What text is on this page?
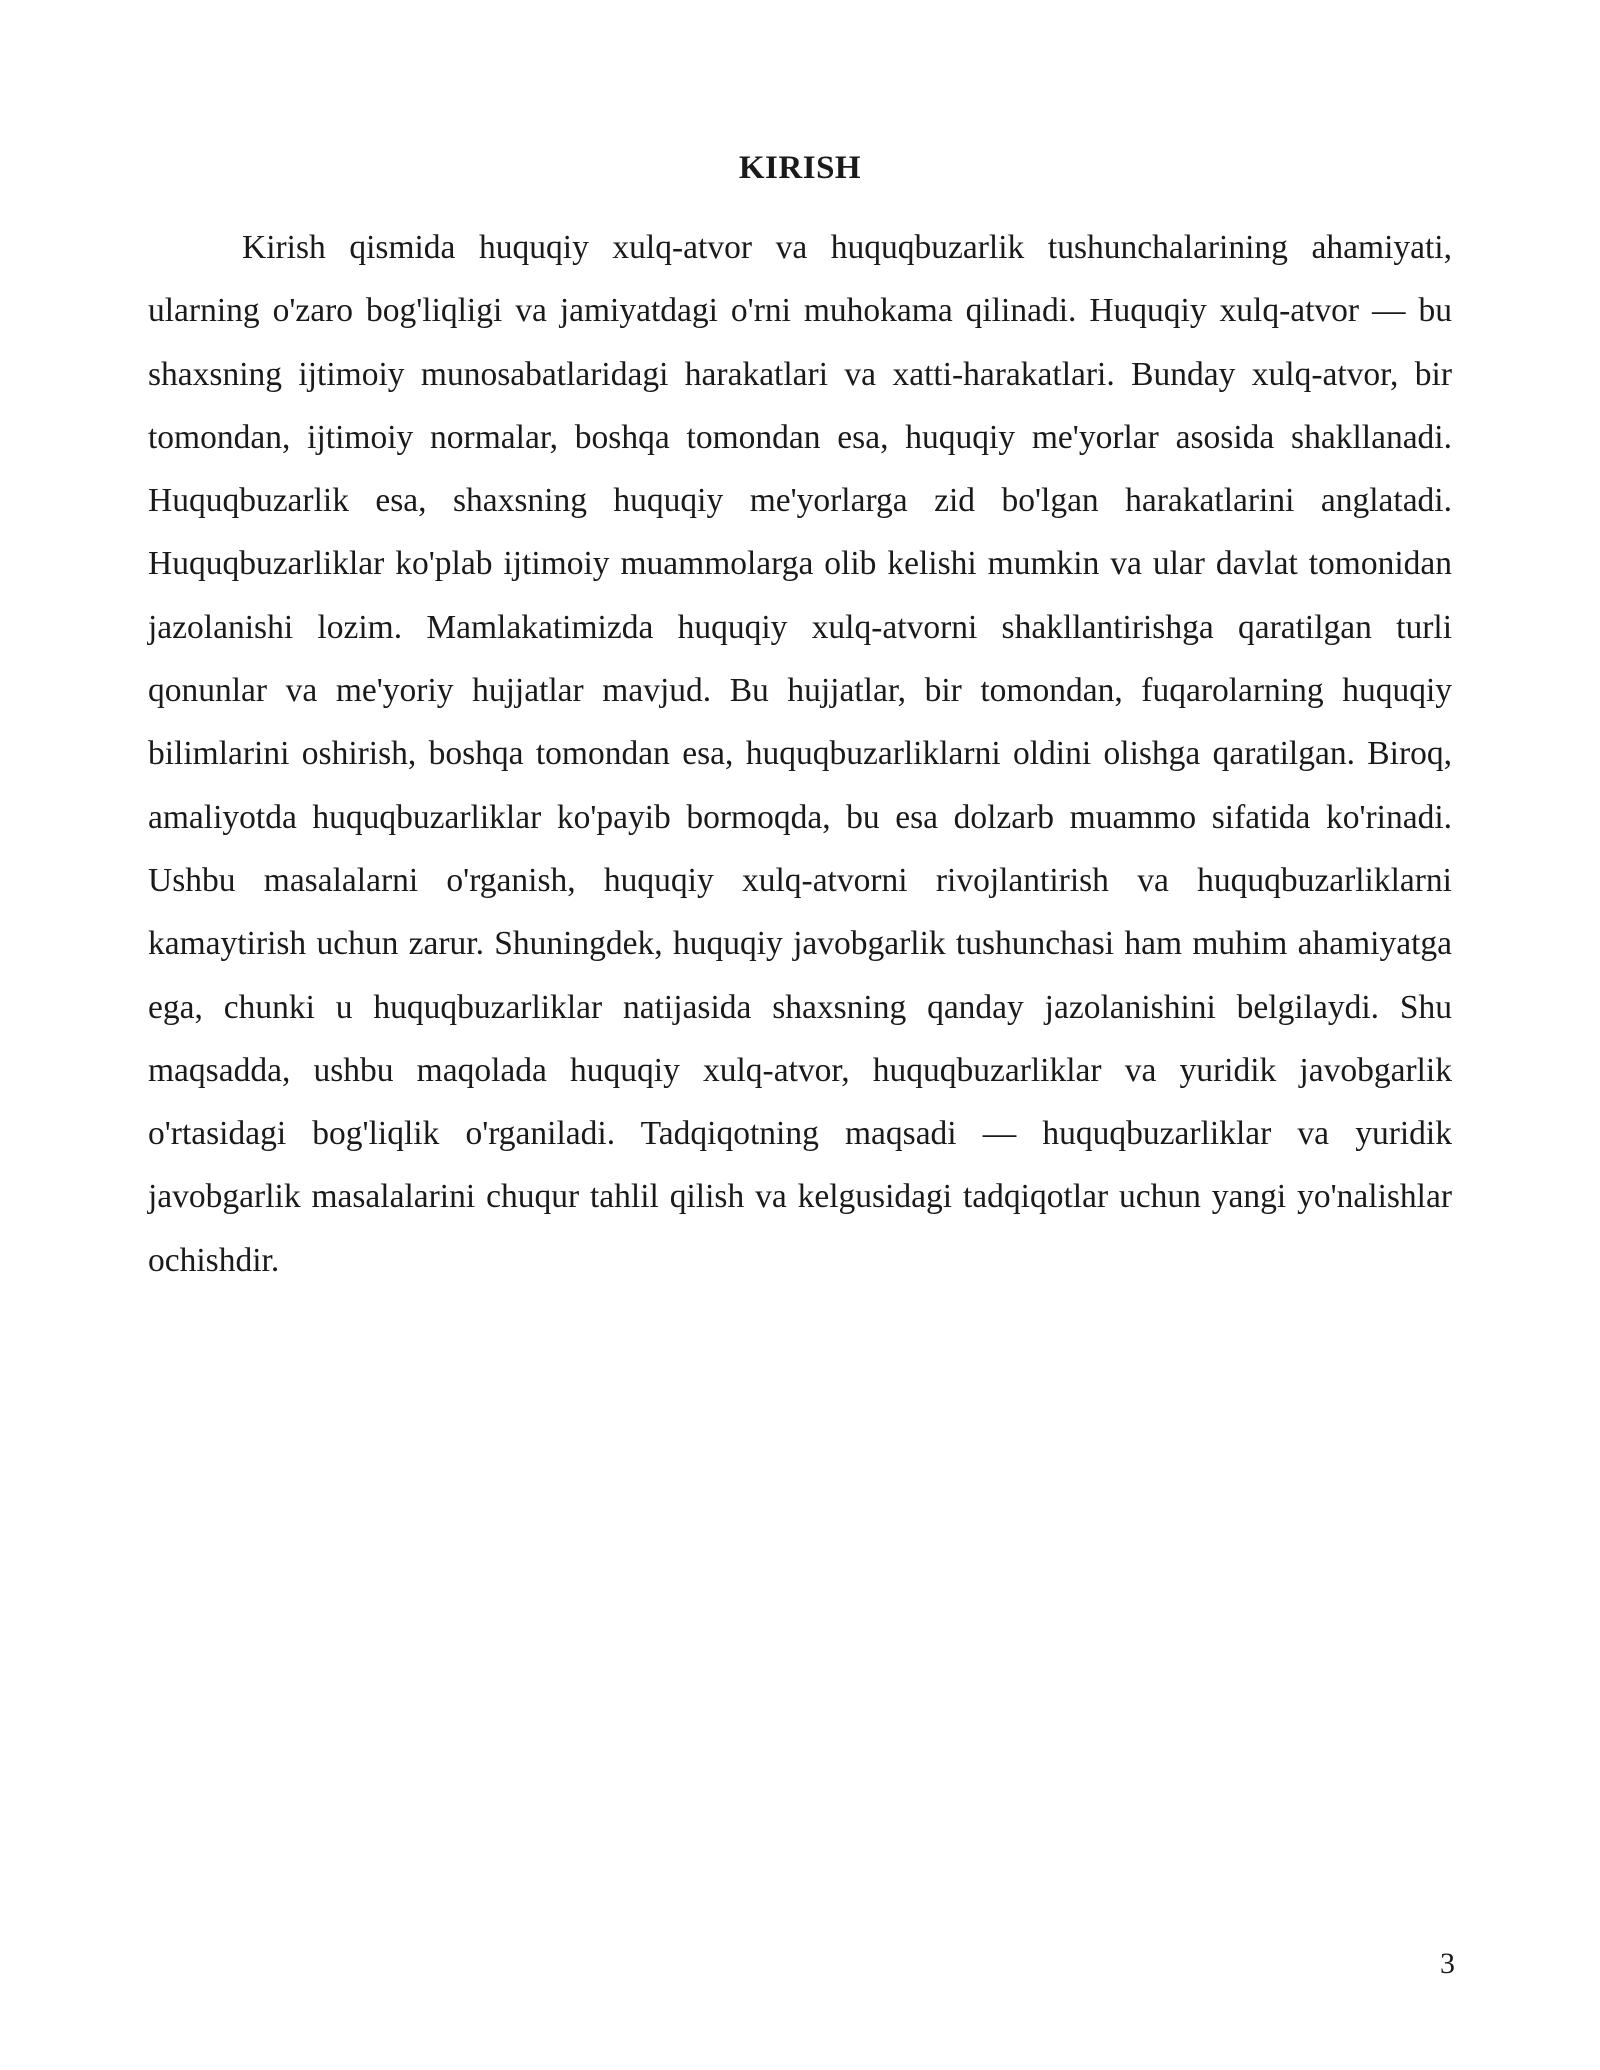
KIRISH

Kirish qismida huquqiy xulq-atvor va huquqbuzarlik tushunchalarining ahamiyati, ularning o'zaro bog'liqligi va jamiyatdagi o'rni muhokama qilinadi. Huquqiy xulq-atvor — bu shaxsning ijtimoiy munosabatlaridagi harakatlari va xatti-harakatlari. Bunday xulq-atvor, bir tomondan, ijtimoiy normalar, boshqa tomondan esa, huquqiy me'yorlar asosida shakllanadi. Huquqbuzarlik esa, shaxsning huquqiy me'yorlarga zid bo'lgan harakatlarini anglatadi. Huquqbuzarliklar ko'plab ijtimoiy muammolarga olib kelishi mumkin va ular davlat tomonidan jazolanishi lozim. Mamlakatimizda huquqiy xulq-atvorni shakllantirishga qaratilgan turli qonunlar va me'yoriy hujjatlar mavjud. Bu hujjatlar, bir tomondan, fuqarolarning huquqiy bilimlarini oshirish, boshqa tomondan esa, huquqbuzarliklarni oldini olishga qaratilgan. Biroq, amaliyotda huquqbuzarliklar ko'payib bormoqda, bu esa dolzarb muammo sifatida ko'rinadi. Ushbu masalalarni o'rganish, huquqiy xulq-atvorni rivojlantirish va huquqbuzarliklarni kamaytirish uchun zarur. Shuningdek, huquqiy javobgarlik tushunchasi ham muhim ahamiyatga ega, chunki u huquqbuzarliklar natijasida shaxsning qanday jazolanishini belgilaydi. Shu maqsadda, ushbu maqolada huquqiy xulq-atvor, huquqbuzarliklar va yuridik javobgarlik o'rtasidagi bog'liqlik o'rganiladi. Tadqiqotning maqsadi — huquqbuzarliklar va yuridik javobgarlik masalalarini chuqur tahlil qilish va kelgusidagi tadqiqotlar uchun yangi yo'nalishlar ochishdir.

3
